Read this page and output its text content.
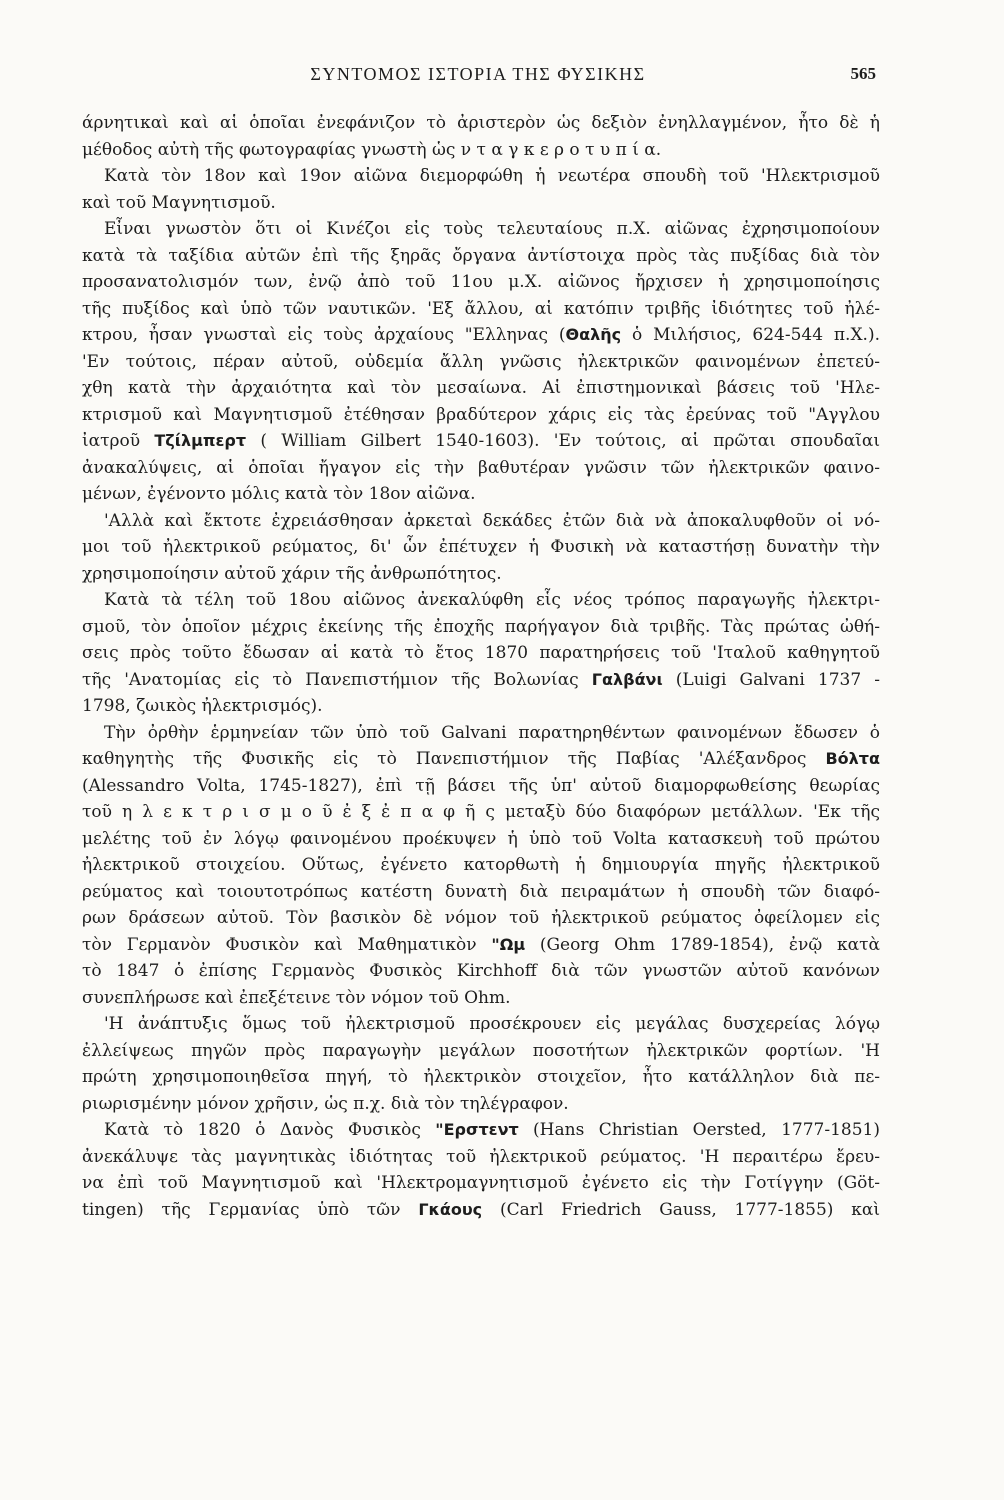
ΣΥΝΤΟΜΟΣ ΙΣΤΟΡΙΑ ΤΗΣ ΦΥΣΙΚΗΣ	565
άρνητικαὶ καὶ αἱ ὁποῖαι ἐνεφάνιζον τὸ ἀριστερὸν ὡς δεξιὸν ἐνηλλαγμένον, ἦτο δὲ ἡ
μέθοδος αὐτὴ τῆς φωτογραφίας γνωστὴ ὡς ν τ α γ κ ε ρ ο τ υ π ί α.
Κατὰ τὸν 18ον καὶ 19ον αἰῶνα διεμορφώθη ἡ νεωτέρα σπουδὴ τοῦ 'Ηλεκτρισμοῦ
καὶ τοῦ Μαγνητισμοῦ.
Εἶναι γνωστὸν ὅτι οἱ Κινέζοι εἰς τοὺς τελευταίους π.Χ. αἰῶνας ἐχρησιμοποίουν
κατὰ τὰ ταξίδια αὐτῶν ἐπὶ τῆς ξηρᾶς ὄργανα ἀντίστοιχα πρὸς τὰς πυξίδας διὰ τὸν
προσανατολισμόν των, ἐνῷ ἀπὸ τοῦ 11ου μ.Χ. αἰῶνος ἤρχισεν ἡ χρησιμοποίησις
τῆς πυξίδος καὶ ὑπὸ τῶν ναυτικῶν. 'Εξ ἄλλου, αἱ κατόπιν τριβῆς ἰδιότητες τοῦ ἠλέ-
κτρου, ἦσαν γνωσταὶ εἰς τοὺς ἀρχαίους "Ελληνας (Θαλῆς ὁ Μιλήσιος, 624-544 π.Χ.).
'Εν τούτοις, πέραν αὐτοῦ, οὐδεμία ἄλλη γνῶσις ἠλεκτρικῶν φαινομένων ἐπετεύ-
χθη κατὰ τὴν ἀρχαιότητα καὶ τὸν μεσαίωνα. Αἱ ἐπιστημονικαὶ βάσεις τοῦ 'Ηλε-
κτρισμοῦ καὶ Μαγνητισμοῦ ἐτέθησαν βραδύτερον χάρις εἰς τὰς ἐρεύνας τοῦ "Αγγλου
ἰατροῦ Τζίλμπερτ ( William Gilbert 1540-1603). 'Εν τούτοις, αἱ πρῶται σπουδαῖαι
ἀνακαλύψεις, αἱ ὁποῖαι ἤγαγον εἰς τὴν βαθυτέραν γνῶσιν τῶν ἠλεκτρικῶν φαινο-
μένων, ἐγένοντο μόλις κατὰ τὸν 18ον αἰῶνα.
'Αλλὰ καὶ ἔκτοτε ἐχρειάσθησαν ἀρκεταὶ δεκάδες ἐτῶν διὰ νὰ ἀποκαλυφθοῦν οἱ νό-
μοι τοῦ ἠλεκτρικοῦ ρεύματος, δι' ὧν ἐπέτυχεν ἡ Φυσικὴ νὰ καταστήσῃ δυνατὴν τὴν
χρησιμοποίησιν αὐτοῦ χάριν τῆς ἀνθρωπότητος.
Κατὰ τὰ τέλη τοῦ 18ου αἰῶνος ἀνεκαλύφθη εἷς νέος τρόπος παραγωγῆς ἠλεκτρι-
σμοῦ, τὸν ὁποῖον μέχρις ἐκείνης τῆς ἐποχῆς παρήγαγον διὰ τριβῆς. Τὰς πρώτας ὠθή-
σεις πρὸς τοῦτο ἔδωσαν αἱ κατὰ τὸ ἔτος 1870 παρατηρήσεις τοῦ 'Ιταλοῦ καθηγητοῦ
τῆς 'Ανατομίας εἰς τὸ Πανεπιστήμιον τῆς Βολωνίας Γαλβάνι (Luigi Galvani 1737 -
1798, ζωικὸς ἠλεκτρισμός).
Τὴν ὀρθὴν ἑρμηνείαν τῶν ὑπὸ τοῦ Galvani παρατηρηθέντων φαινομένων ἔδωσεν ὁ
καθηγητὴς τῆς Φυσικῆς εἰς τὸ Πανεπιστήμιον τῆς Παβίας 'Αλέξανδρος Βόλτα
(Alessandro Volta, 1745-1827), ἐπὶ τῇ βάσει τῆς ὑπ' αὐτοῦ διαμορφωθείσης θεωρίας
τοῦ η λ ε κ τ ρ ι σ μ ο ῦ ἐ ξ ἐ π α φ ῆ ς μεταξὺ δύο διαφόρων μετάλλων. 'Εκ τῆς
μελέτης τοῦ ἐν λόγῳ φαινομένου προέκυψεν ἡ ὑπὸ τοῦ Volta κατασκευὴ τοῦ πρώτου
ἠλεκτρικοῦ στοιχείου. Οὕτως, ἐγένετο κατορθωτὴ ἡ δημιουργία πηγῆς ἠλεκτρικοῦ
ρεύματος καὶ τοιουτοτρόπως κατέστη δυνατὴ διὰ πειραμάτων ἡ σπουδὴ τῶν διαφό-
ρων δράσεων αὐτοῦ. Τὸν βασικὸν δὲ νόμον τοῦ ἠλεκτρικοῦ ρεύματος ὀφείλομεν εἰς
τὸν Γερμανὸν Φυσικὸν καὶ Μαθηματικὸν "Ωμ (Georg Ohm 1789-1854), ἐνῷ κατὰ
τὸ 1847 ὁ ἐπίσης Γερμανὸς Φυσικὸς Kirchhoff διὰ τῶν γνωστῶν αὐτοῦ κανόνων
συνεπλήρωσε καὶ ἐπεξέτεινε τὸν νόμον τοῦ Ohm.
'Η ἀνάπτυξις ὅμως τοῦ ἠλεκτρισμοῦ προσέκρουεν εἰς μεγάλας δυσχερείας λόγῳ
ἐλλείψεως πηγῶν πρὸς παραγωγὴν μεγάλων ποσοτήτων ἠλεκτρικῶν φορτίων. 'Η
πρώτη χρησιμοποιηθεῖσα πηγή, τὸ ἠλεκτρικὸν στοιχεῖον, ἦτο κατάλληλον διὰ πε-
ριωρισμένην μόνον χρῆσιν, ὡς π.χ. διὰ τὸν τηλέγραφον.
Κατὰ τὸ 1820 ὁ Δανὸς Φυσικὸς "Ερστεντ (Hans Christian Oersted, 1777-1851)
ἀνεκάλυψε τὰς μαγνητικὰς ἰδιότητας τοῦ ἠλεκτρικοῦ ρεύματος. 'Η περαιτέρω ἔρευ-
να ἐπὶ τοῦ Μαγνητισμοῦ καὶ 'Ηλεκτρομαγνητισμοῦ ἐγένετο εἰς τὴν Γοτίγγην (Göt-
tingen) τῆς Γερμανίας ὑπὸ τῶν Γκάους (Carl Friedrich Gauss, 1777-1855) καὶ
